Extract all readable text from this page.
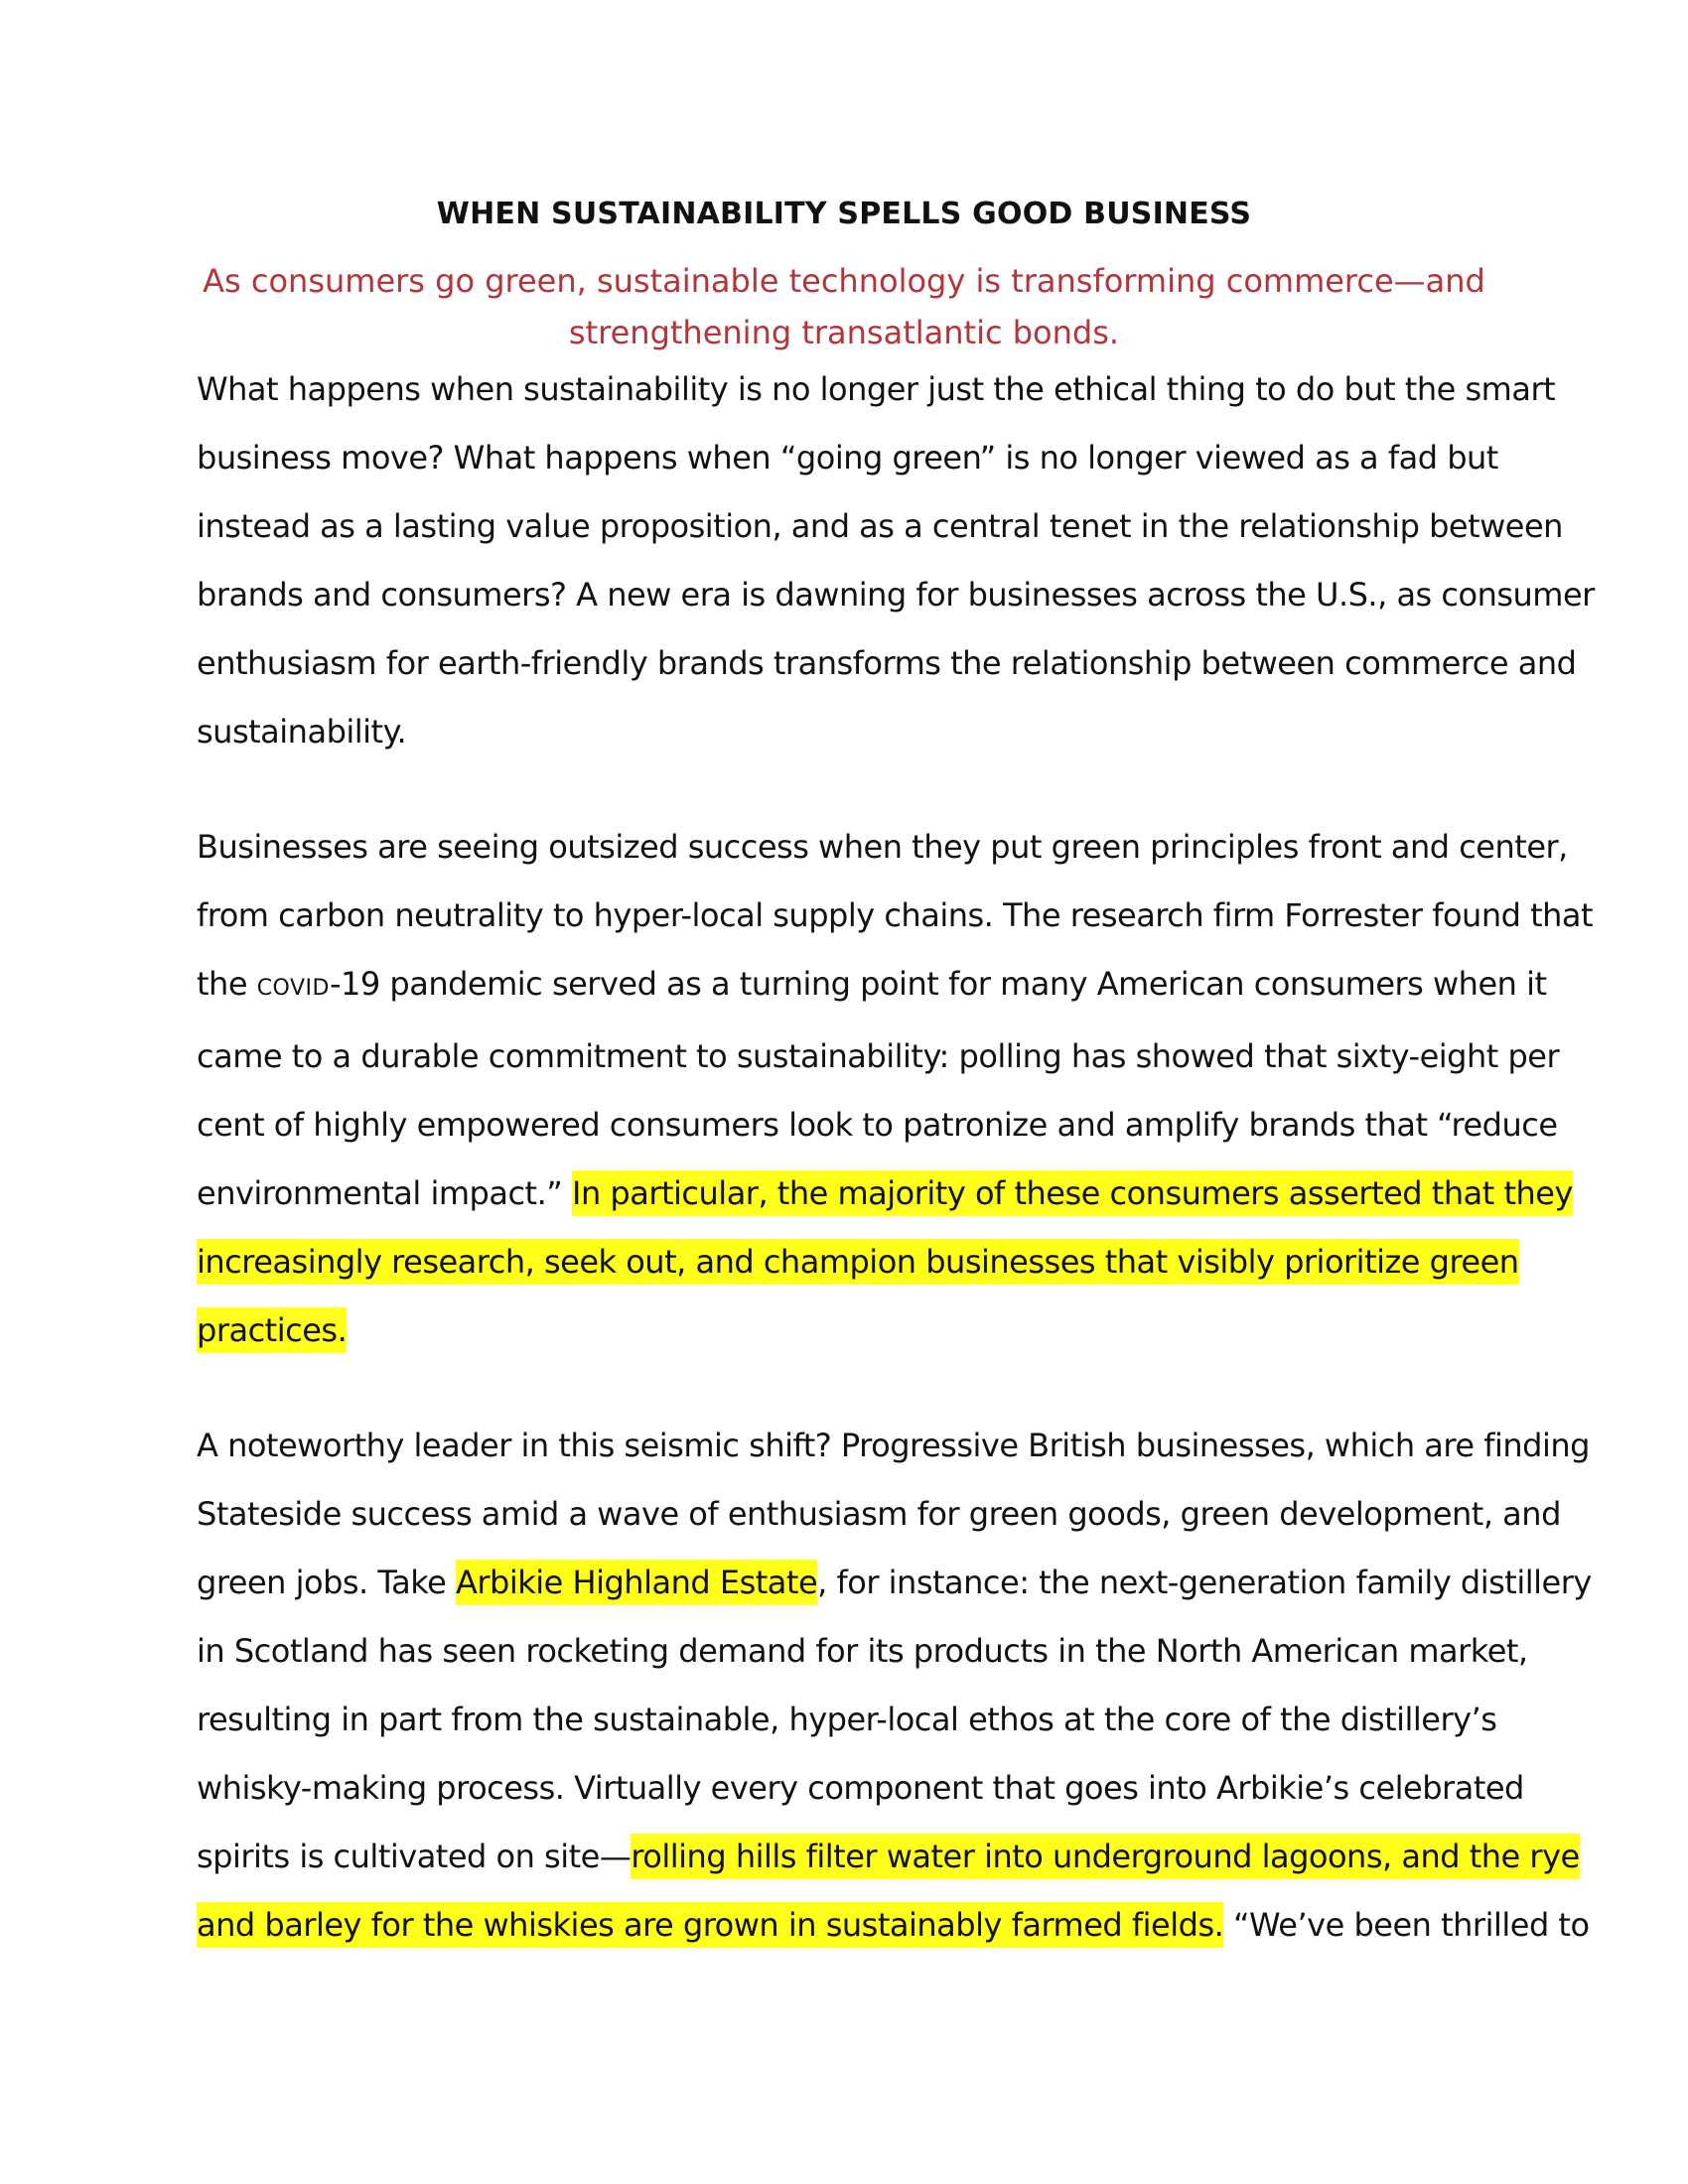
WHEN SUSTAINABILITY SPELLS GOOD BUSINESS
As consumers go green, sustainable technology is transforming commerce—and
strengthening transatlantic bonds.

What happens when sustainability is no longer just the ethical thing to do but the smart business move? What happens when “going green” is no longer viewed as a fad but instead as a lasting value proposition, and as a central tenet in the relationship between brands and consumers? A new era is dawning for businesses across the U.S., as consumer enthusiasm for earth-friendly brands transforms the relationship between commerce and sustainability.

Businesses are seeing outsized success when they put green principles front and center, from carbon neutrality to hyper-local supply chains. The research firm Forrester found that the COVID-19 pandemic served as a turning point for many American consumers when it came to a durable commitment to sustainability: polling has showed that sixty-eight per cent of highly empowered consumers look to patronize and amplify brands that “reduce environmental impact.” In particular, the majority of these consumers asserted that they increasingly research, seek out, and champion businesses that visibly prioritize green practices.

A noteworthy leader in this seismic shift? Progressive British businesses, which are finding Stateside success amid a wave of enthusiasm for green goods, green development, and green jobs. Take Arbikie Highland Estate, for instance: the next-generation family distillery in Scotland has seen rocketing demand for its products in the North American market, resulting in part from the sustainable, hyper-local ethos at the core of the distillery’s whisky-making process. Virtually every component that goes into Arbikie’s celebrated spirits is cultivated on site—rolling hills filter water into underground lagoons, and the rye and barley for the whiskies are grown in sustainably farmed fields. “We’ve been thrilled to
